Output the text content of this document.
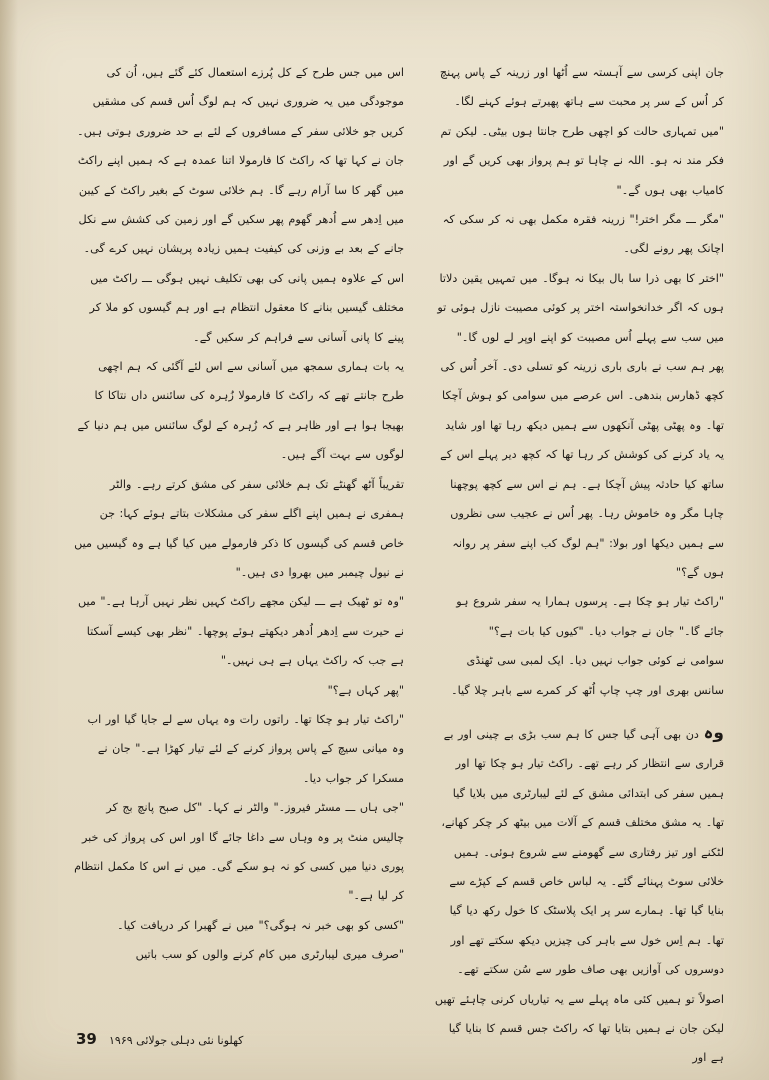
جان اپنی کرسی سے آہستہ سے اُٹھا اور زرینہ کے پاس پہنچ کر اُس کے سر پر محبت سے ہاتھ پھیرتے ہوئے کہنے لگا۔ "میں تمہاری حالت کو اچھی طرح جانتا ہوں بیٹی۔ لیکن تم فکر مند نہ ہو۔ اللہ نے چاہا تو ہم پرواز بھی کریں گے اور کامیاب بھی ہوں گے۔"

"مگر ـــ مگر اختر!" زرینہ فقرہ مکمل بھی نہ کر سکی کہ اچانک پھر رونے لگی۔

"اختر کا بھی ذرا سا بال بیکا نہ ہوگا۔ میں تمہیں یقین دلاتا ہوں کہ اگر خدانخواستہ اختر پر کوئی مصیبت نازل ہوئی تو میں سب سے پہلے اُس مصیبت کو اپنے اوپر لے لوں گا۔"

پھر ہم سب نے باری باری زرینہ کو تسلی دی۔ آخر اُس کی کچھ ڈھارس بندھی۔ اس عرصے میں سوامی کو ہوش آچکا تھا۔ وہ پھٹی پھٹی آنکھوں سے ہمیں دیکھ رہا تھا اور شاید یہ یاد کرنے کی کوشش کر رہا تھا کہ کچھ دیر پہلے اس کے ساتھ کیا حادثہ پیش آچکا ہے۔ ہم نے اس سے کچھ پوچھنا چاہا مگر وہ خاموش رہا۔ پھر اُس نے عجیب سی نظروں سے ہمیں دیکھا اور بولا: "ہم لوگ کب اپنے سفر پر روانہ ہوں گے؟"

"راکٹ تیار ہو چکا ہے۔ پرسوں ہمارا یہ سفر شروع ہو جائے گا۔" جان نے جواب دیا۔ "کیوں کیا بات ہے؟"

سوامی نے کوئی جواب نہیں دیا۔ ایک لمبی سی ٹھنڈی سانس بھری اور چپ چاپ اُٹھ کر کمرے سے باہر چلا گیا۔

وہ دن بھی آہی گیا جس کا ہم سب بڑی بے چینی اور بے قراری سے انتظار کر رہے تھے۔ راکٹ تیار ہو چکا تھا اور ہمیں سفر کی ابتدائی مشق کے لئے لیبارٹری میں بلایا گیا تھا۔ یہ مشق مختلف قسم کے آلات میں بیٹھ کر چکر کھانے، لٹکنے اور تیز رفتاری سے گھومنے سے شروع ہوئی۔ ہمیں خلائی سوٹ پہنائے گئے۔ یہ لباس خاص قسم کے کپڑے سے بنایا گیا تھا۔ ہمارے سر پر ایک پلاسٹک کا خول رکھ دیا گیا تھا۔ ہم اِس خول سے باہر کی چیزیں دیکھ سکتے تھے اور دوسروں کی آوازیں بھی صاف طور سے سُن سکتے تھے۔ اصولاً تو ہمیں کئی ماہ پہلے سے یہ تیاریاں کرنی چاہئے تھیں لیکن جان نے ہمیں بتایا تھا کہ راکٹ جس قسم کا بنایا گیا ہے اور

اس میں جس طرح کے کل پُرزے استعمال کئے گئے ہیں، اُن کی موجودگی میں یہ ضروری نہیں کہ ہم لوگ اُس قسم کی مشقیں کریں جو خلائی سفر کے مسافروں کے لئے بے حد ضروری ہوتی ہیں۔ جان نے کہا تھا کہ راکٹ کا فارمولا اتنا عمدہ ہے کہ ہمیں اپنے راکٹ میں گھر کا سا آرام رہے گا۔ ہم خلائی سوٹ کے بغیر راکٹ کے کیبن میں اِدھر سے اُدھر گھوم پھر سکیں گے اور زمین کی کشش سے نکل جانے کے بعد بے وزنی کی کیفیت ہمیں زیادہ پریشان نہیں کرے گی۔ اس کے علاوہ ہمیں پانی کی بھی تکلیف نہیں ہوگی ـــ راکٹ میں مختلف گیسیں بنانے کا معقول انتظام ہے اور ہم گیسوں کو ملا کر پینے کا پانی آسانی سے فراہم کر سکیں گے۔

یہ بات ہماری سمجھ میں آسانی سے اس لئے آگئی کہ ہم اچھی طرح جانتے تھے کہ راکٹ کا فارمولا زُہرہ کی سائنس داں نتاکا کا بھیجا ہوا ہے اور ظاہر ہے کہ زُہرہ کے لوگ سائنس میں ہم دنیا کے لوگوں سے بہت آگے ہیں۔

تقریباً آٹھ گھنٹے تک ہم خلائی سفر کی مشق کرتے رہے۔ والٹر ہمفری نے ہمیں اپنے اگلے سفر کی مشکلات بتاتے ہوئے کہا: جن خاص قسم کی گیسوں کا ذکر فارمولے میں کیا گیا ہے وہ گیسیں میں نے نیول چیمبر میں بھروا دی ہیں۔"

"وہ تو ٹھیک ہے ـــ لیکن مجھے راکٹ کہیں نظر نہیں آرہا ہے۔" میں نے حیرت سے اِدھر اُدھر دیکھتے ہوئے پوچھا۔ "نظر بھی کیسے آسکتا ہے جب کہ راکٹ یہاں ہے ہی نہیں۔"

"پھر کہاں ہے؟"

"راکٹ تیار ہو چکا تھا۔ راتوں رات وہ یہاں سے لے جایا گیا اور اب وہ میانی سیچ کے پاس پرواز کرنے کے لئے تیار کھڑا ہے۔" جان نے مسکرا کر جواب دیا۔

"جی ہاں ـــ مسٹر فیروز۔" والٹر نے کہا۔ "کل صبح پانچ بج کر چالیس منٹ پر وہ وہاں سے داغا جائے گا اور اس کی پرواز کی خبر پوری دنیا میں کسی کو نہ ہو سکے گی۔ میں نے اس کا مکمل انتظام کر لیا ہے۔"

"کسی کو بھی خبر نہ ہوگی؟" میں نے گھبرا کر دریافت کیا۔

"صرف میری لیبارٹری میں کام کرنے والوں کو سب باتیں

39 کھلونا نئی دہلی جولائی ۱۹۶۹
